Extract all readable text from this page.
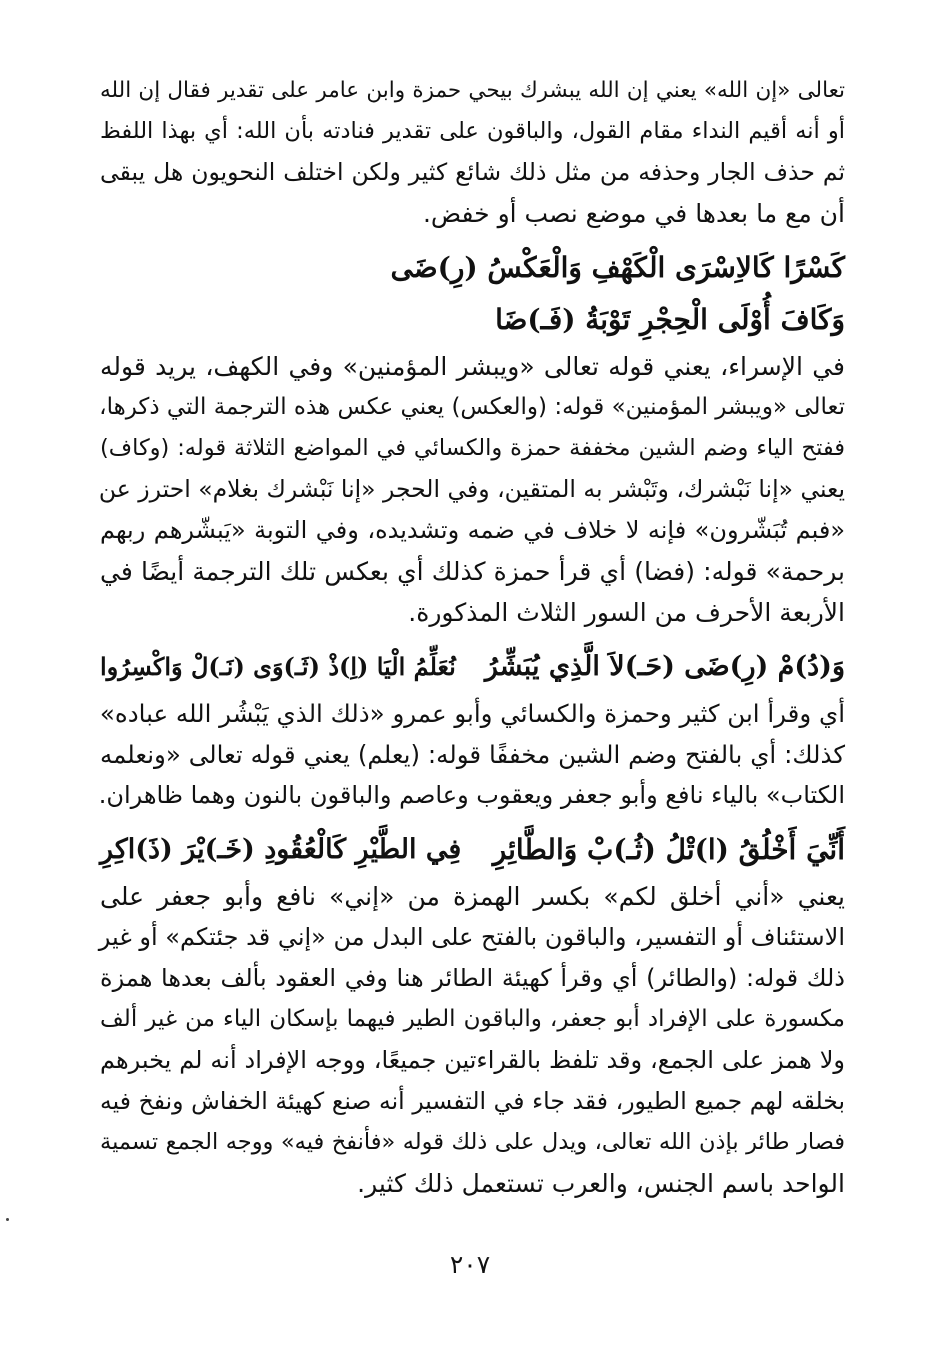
تعالى «إن الله» يعني إن الله يبشرك بيحي حمزة وابن عامر على تقدير فقال إن الله

أو أنه أقيم النداء مقام القول، والباقون على تقدير فنادته بأن الله: أي بهذا اللفظ

ثم حذف الجار وحذفه من مثل ذلك شائع كثير ولكن اختلف النحويون هل يبقى

أن مع ما بعدها في موضع نصب أو خفض.

كَسْرًا كَالاِسْرَى الْكَهْفِ وَالْعَكْسُ (رِ)ضَى
وَكَافَ أُوْلَى الْحِجْرِ تَوْبَةُ (فَـ)ضَا

في الإسراء، يعني قوله تعالى «ويبشر المؤمنين» وفي الكهف، يريد قوله

تعالى «ويبشر المؤمنين» قوله: (والعكس) يعني عكس هذه الترجمة التي ذكرها،

ففتح الياء وضم الشين مخففة حمزة والكسائي في المواضع الثلاثة قوله: (وكاف)

يعني «إنا نَبْشرك، وتَبْشر به المتقين، وفي الحجر «إنا نَبْشرك بغلام» احترز عن

«فبم تُبَشّرون» فإنه لا خلاف في ضمه وتشديده، وفي التوبة «يَبشّرهم ربهم

برحمة» قوله: (فضا) أي قرأ حمزة كذلك أي بعكس تلك الترجمة أيضًا في

الأربعة الأحرف من السور الثلاث المذكورة.

وَ(دُ)مْ (رِ)ضَى (حَـ)لاَ الَّذِي يُبَشِّرُ
نُعَلِّمُ الْيَا (اِ)ذْ (ثَـ)وَى (نَـ)لْ وَاكْسِرُوا

أي وقرأ ابن كثير وحمزة والكسائي وأبو عمرو «ذلك الذي يَبْشُر الله عباده»

كذلك: أي بالفتح وضم الشين مخففًا قوله: (يعلم) يعني قوله تعالى «ونعلمه

الكتاب» بالياء نافع وأبو جعفر ويعقوب وعاصم والباقون بالنون وهما ظاهران.

أَنِّيَ أَخْلُقُ (ا)تْلُ (ثُـ)بْ وَالطَّائِرِ
فِي الطَّيْرِ كَالْعُقُودِ (خَـ)يْرَ (ذَ)اكِرِ

يعني «أني أخلق لكم» بكسر الهمزة من «إني» نافع وأبو جعفر على

الاستئناف أو التفسير، والباقون بالفتح على البدل من «إني قد جئتكم» أو غير

ذلك قوله: (والطائر) أي وقرأ كهيئة الطائر هنا وفي العقود بألف بعدها همزة

مكسورة على الإفراد أبو جعفر، والباقون الطير فيهما بإسكان الياء من غير ألف

ولا همز على الجمع، وقد تلفظ بالقراءتين جميعًا، ووجه الإفراد أنه لم يخبرهم

بخلقه لهم جميع الطيور، فقد جاء في التفسير أنه صنع كهيئة الخفاش ونفخ فيه

فصار طائر بإذن الله تعالى، ويدل على ذلك قوله «فأنفخ فيه» ووجه الجمع تسمية

الواحد باسم الجنس، والعرب تستعمل ذلك كثير.

٢٠٧
